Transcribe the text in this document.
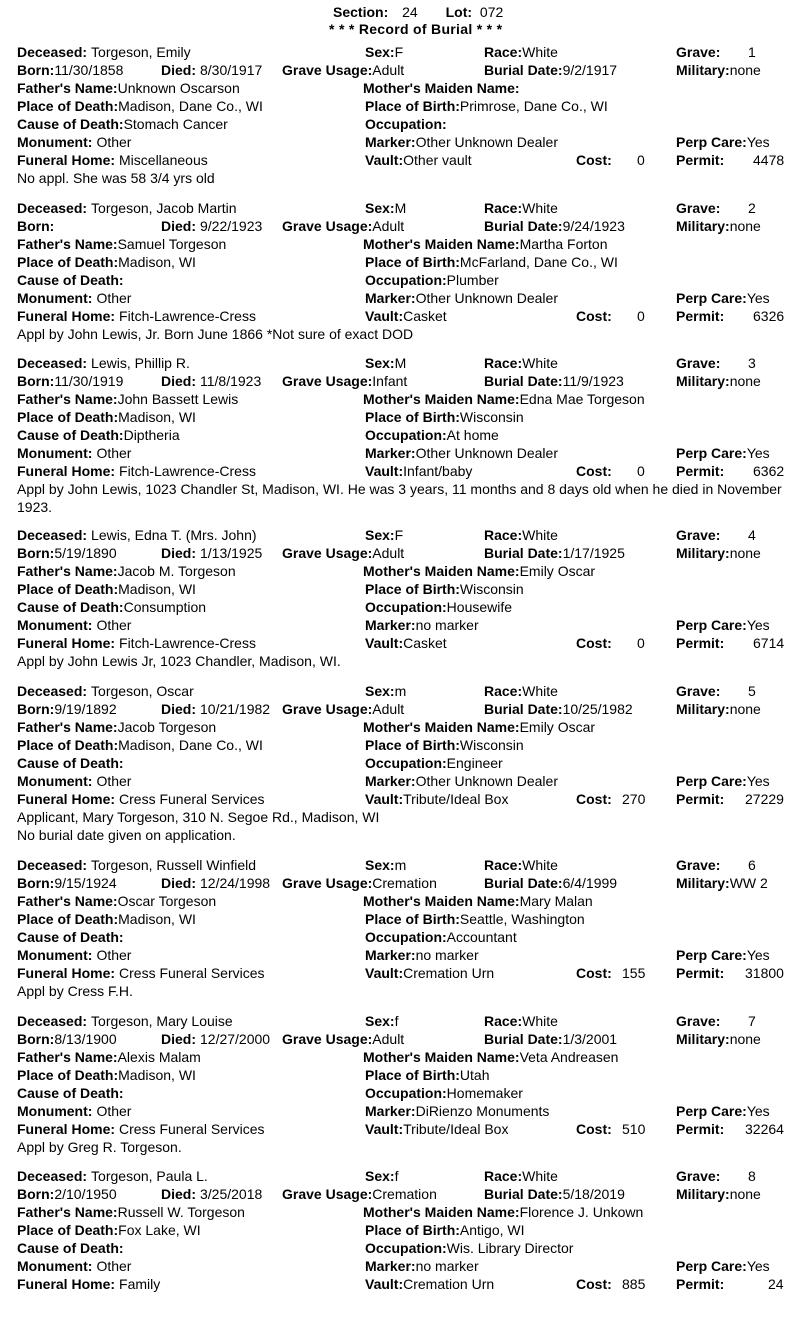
Section: 24 Lot: 072
* * * Record of Burial * * *
Deceased: Torgeson, Emily	Sex:F	Race:White	Grave: 1
Born:11/30/1858	Died: 8/30/1917 Grave Usage:Adult	Burial Date:9/2/1917	Military:none
Father's Name:Unknown Oscarson	Mother's Maiden Name:
Place of Death:Madison, Dane Co., WI	Place of Birth:Primrose, Dane Co., WI
Cause of Death:Stomach Cancer	Occupation:
Monument: Other	Marker:Other Unknown Dealer	Perp Care:Yes
Funeral Home: Miscellaneous	Vault:Other vault	Cost: 0 Permit: 4478
No appl. She was 58 3/4 yrs old
Deceased: Torgeson, Jacob Martin	Sex:M	Race:White	Grave: 2
Born:	Died: 9/22/1923 Grave Usage:Adult	Burial Date:9/24/1923	Military:none
Father's Name:Samuel Torgeson	Mother's Maiden Name:Martha Forton
Place of Death:Madison, WI	Place of Birth:McFarland, Dane Co., WI
Cause of Death:	Occupation:Plumber
Monument: Other	Marker:Other Unknown Dealer	Perp Care:Yes
Funeral Home: Fitch-Lawrence-Cress	Vault:Casket	Cost: 0 Permit: 6326
Appl by John Lewis, Jr. Born June 1866 *Not sure of exact DOD
Deceased: Lewis, Phillip R.	Sex:M	Race:White	Grave: 3
Born:11/30/1919	Died: 11/8/1923 Grave Usage:Infant	Burial Date:11/9/1923	Military:none
Father's Name:John Bassett Lewis	Mother's Maiden Name:Edna Mae Torgeson
Place of Death:Madison, WI	Place of Birth:Wisconsin
Cause of Death:Diptheria	Occupation:At home
Monument: Other	Marker:Other Unknown Dealer	Perp Care:Yes
Funeral Home: Fitch-Lawrence-Cress	Vault:Infant/baby	Cost: 0 Permit: 6362
Appl by John Lewis, 1023 Chandler St, Madison, WI. He was 3 years, 11 months and 8 days old when he died in November 1923.
Deceased: Lewis, Edna T. (Mrs. John)	Sex:F	Race:White	Grave: 4
Born:5/19/1890	Died: 1/13/1925 Grave Usage:Adult	Burial Date:1/17/1925	Military:none
Father's Name:Jacob M. Torgeson	Mother's Maiden Name:Emily Oscar
Place of Death:Madison, WI	Place of Birth:Wisconsin
Cause of Death:Consumption	Occupation:Housewife
Monument: Other	Marker:no marker	Perp Care:Yes
Funeral Home: Fitch-Lawrence-Cress	Vault:Casket	Cost: 0 Permit: 6714
Appl by John Lewis Jr, 1023 Chandler, Madison, WI.
Deceased: Torgeson, Oscar	Sex:m	Race:White	Grave: 5
Born:9/19/1892	Died: 10/21/1982 Grave Usage:Adult	Burial Date:10/25/1982	Military:none
Father's Name:Jacob Torgeson	Mother's Maiden Name:Emily Oscar
Place of Death:Madison, Dane Co., WI	Place of Birth:Wisconsin
Cause of Death:	Occupation:Engineer
Monument: Other	Marker:Other Unknown Dealer	Perp Care:Yes
Funeral Home: Cress Funeral Services	Vault:Tribute/Ideal Box	Cost: 270 Permit: 27229
Applicant, Mary Torgeson, 310 N. Segoe Rd., Madison, WI
No burial date given on application.
Deceased: Torgeson, Russell Winfield	Sex:m	Race:White	Grave: 6
Born:9/15/1924	Died: 12/24/1998 Grave Usage:Cremation	Burial Date:6/4/1999	Military:WW 2
Father's Name:Oscar Torgeson	Mother's Maiden Name:Mary Malan
Place of Death:Madison, WI	Place of Birth:Seattle, Washington
Cause of Death:	Occupation:Accountant
Monument: Other	Marker:no marker	Perp Care:Yes
Funeral Home: Cress Funeral Services	Vault:Cremation Urn	Cost: 155 Permit: 31800
Appl by Cress F.H.
Deceased: Torgeson, Mary Louise	Sex:f	Race:White	Grave: 7
Born:8/13/1900	Died: 12/27/2000 Grave Usage:Adult	Burial Date:1/3/2001	Military:none
Father's Name:Alexis Malam	Mother's Maiden Name:Veta Andreasen
Place of Death:Madison, WI	Place of Birth:Utah
Cause of Death:	Occupation:Homemaker
Monument: Other	Marker:DiRienzo Monuments	Perp Care:Yes
Funeral Home: Cress Funeral Services	Vault:Tribute/Ideal Box	Cost: 510 Permit: 32264
Appl by Greg R. Torgeson.
Deceased: Torgeson, Paula L.	Sex:f	Race:White	Grave: 8
Born:2/10/1950	Died: 3/25/2018 Grave Usage:Cremation	Burial Date:5/18/2019	Military:none
Father's Name:Russell W. Torgeson	Mother's Maiden Name:Florence J. Unkown
Place of Death:Fox Lake, WI	Place of Birth:Antigo, WI
Cause of Death:	Occupation:Wis. Library Director
Monument: Other	Marker:no marker	Perp Care:Yes
Funeral Home: Family	Vault:Cremation Urn	Cost: 885 Permit:	24
